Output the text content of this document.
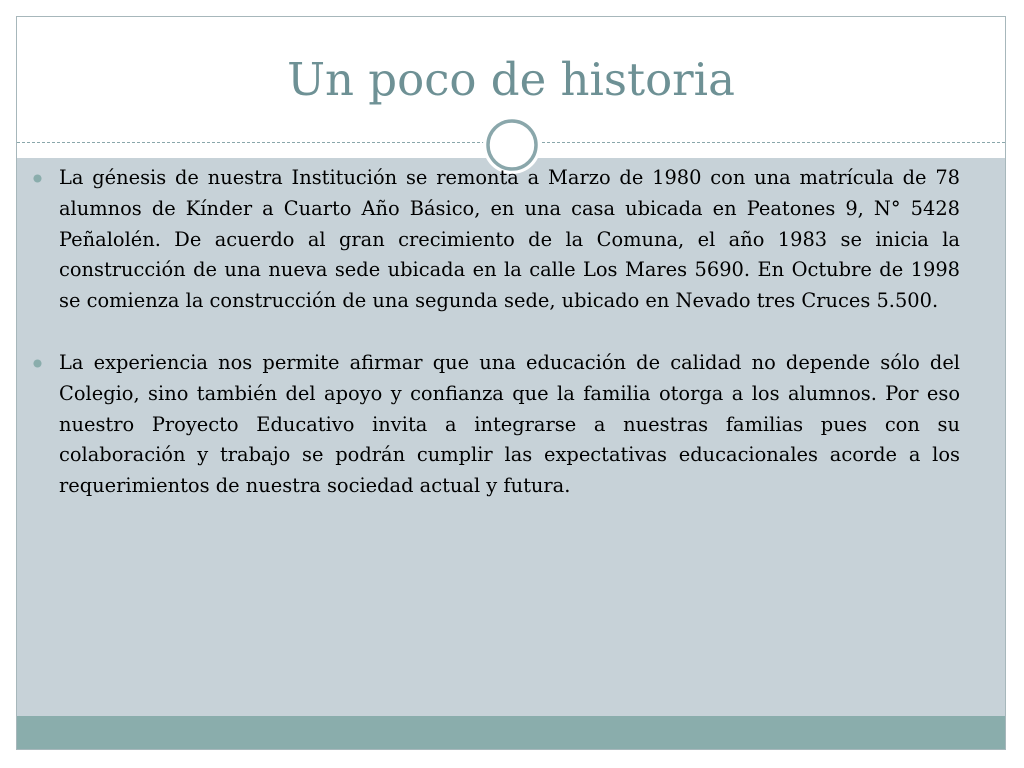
Un poco de historia

La génesis de nuestra Institución se remonta a Marzo de 1980 con una matrícula de 78 alumnos de Kínder a Cuarto Año Básico, en una casa ubicada en Peatones 9, N° 5428 Peñalolén. De acuerdo al gran crecimiento de la Comuna, el año 1983 se inicia la construcción de una nueva sede ubicada en la calle Los Mares 5690. En Octubre de 1998 se comienza la construcción de una segunda sede, ubicado en Nevado tres Cruces 5.500.

La experiencia nos permite afirmar que una educación de calidad no depende sólo del Colegio, sino también del apoyo y confianza que la familia otorga a los alumnos. Por eso nuestro Proyecto Educativo invita a integrarse a nuestras familias pues con su colaboración y trabajo se podrán cumplir las expectativas educacionales acorde a los requerimientos de nuestra sociedad actual y futura.
